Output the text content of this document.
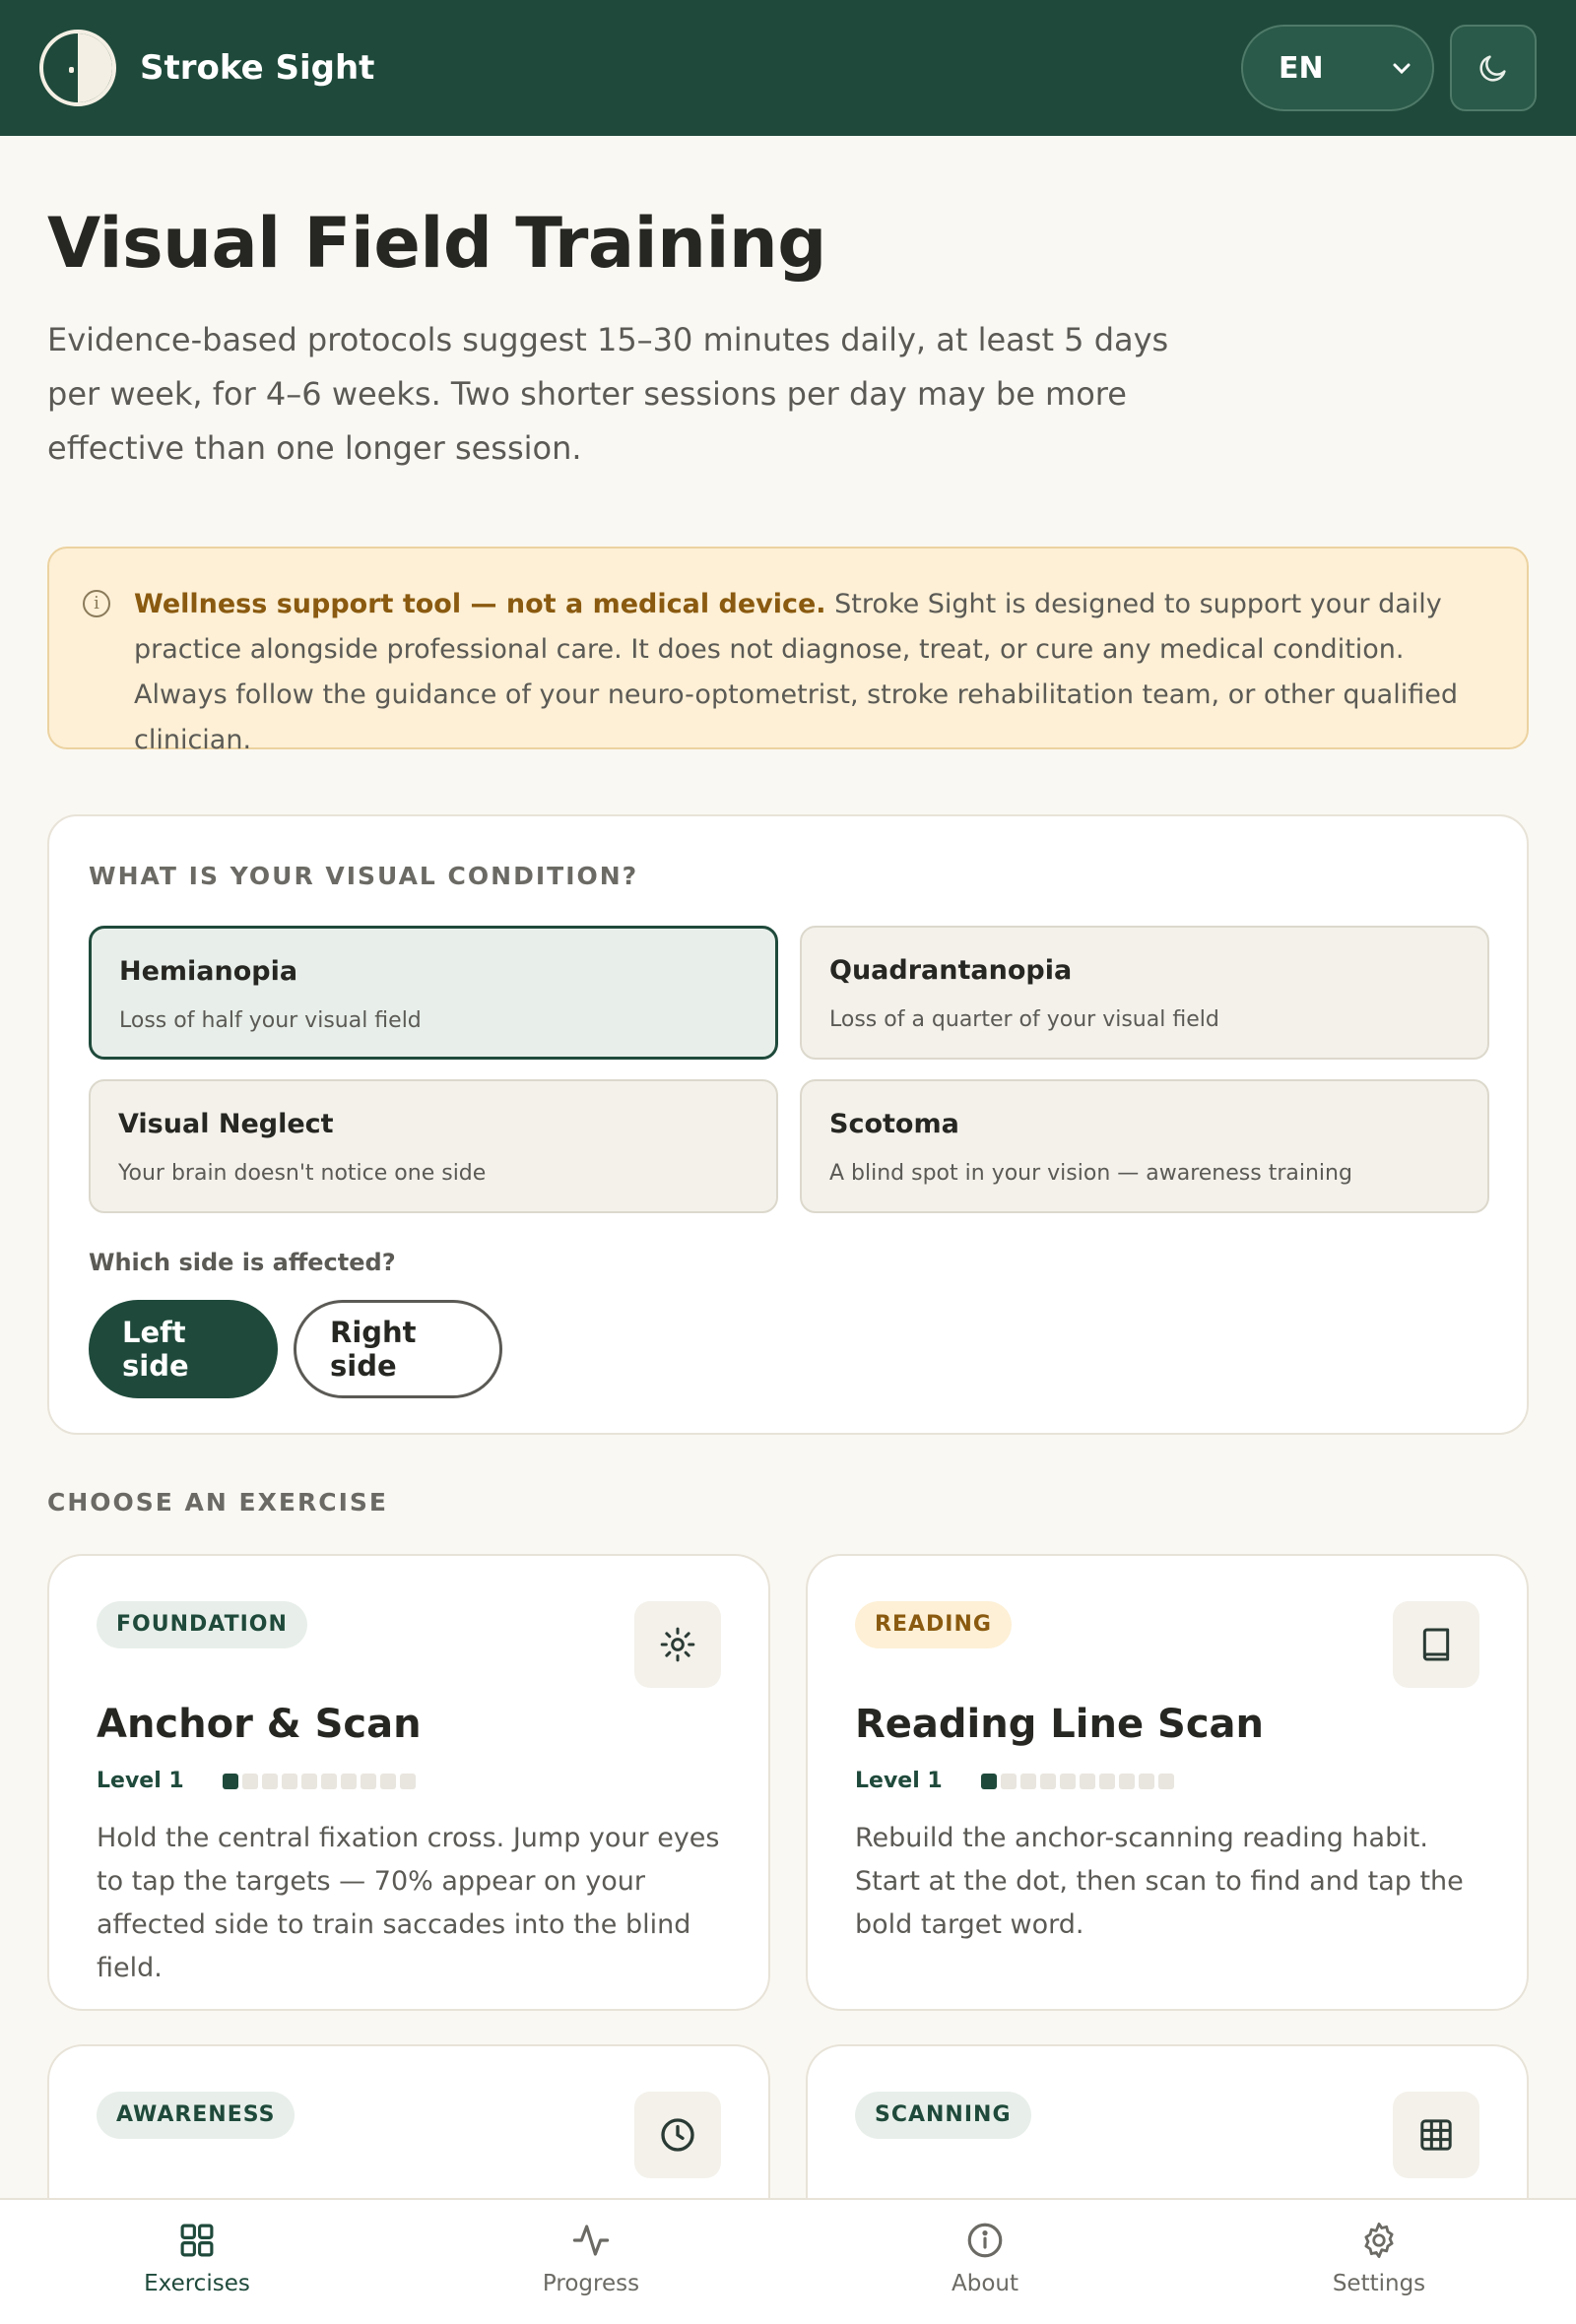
Stroke Sight	EN
Visual Field Training

Evidence-based protocols suggest 15–30 minutes daily, at least 5 days per week, for 4–6 weeks. Two shorter sessions per day may be more effective than one longer session.

i	Wellness support tool — not a medical device. Stroke Sight is designed to support your daily practice alongside professional care. It does not diagnose, treat, or cure any medical condition. Always follow the guidance of your neuro-optometrist, stroke rehabilitation team, or other qualified clinician.
WHAT IS YOUR VISUAL CONDITION?
Hemianopia
Loss of half your visual field
Quadrantanopia
Loss of a quarter of your visual field
Visual Neglect
Your brain doesn't notice one side
Scotoma
A blind spot in your vision — awareness training
Which side is affected?
Left side
Right side
CHOOSE AN EXERCISE
FOUNDATION
Anchor & Scan
Level 1

Hold the central fixation cross. Jump your eyes to tap the targets — 70% appear on your affected side to train saccades into the blind field.

READING
Reading Line Scan
Level 1

Rebuild the anchor-scanning reading habit. Start at the dot, then scan to find and tap the bold target word.

AWARENESS	SCANNING
Exercises	Progress	About	Settings
